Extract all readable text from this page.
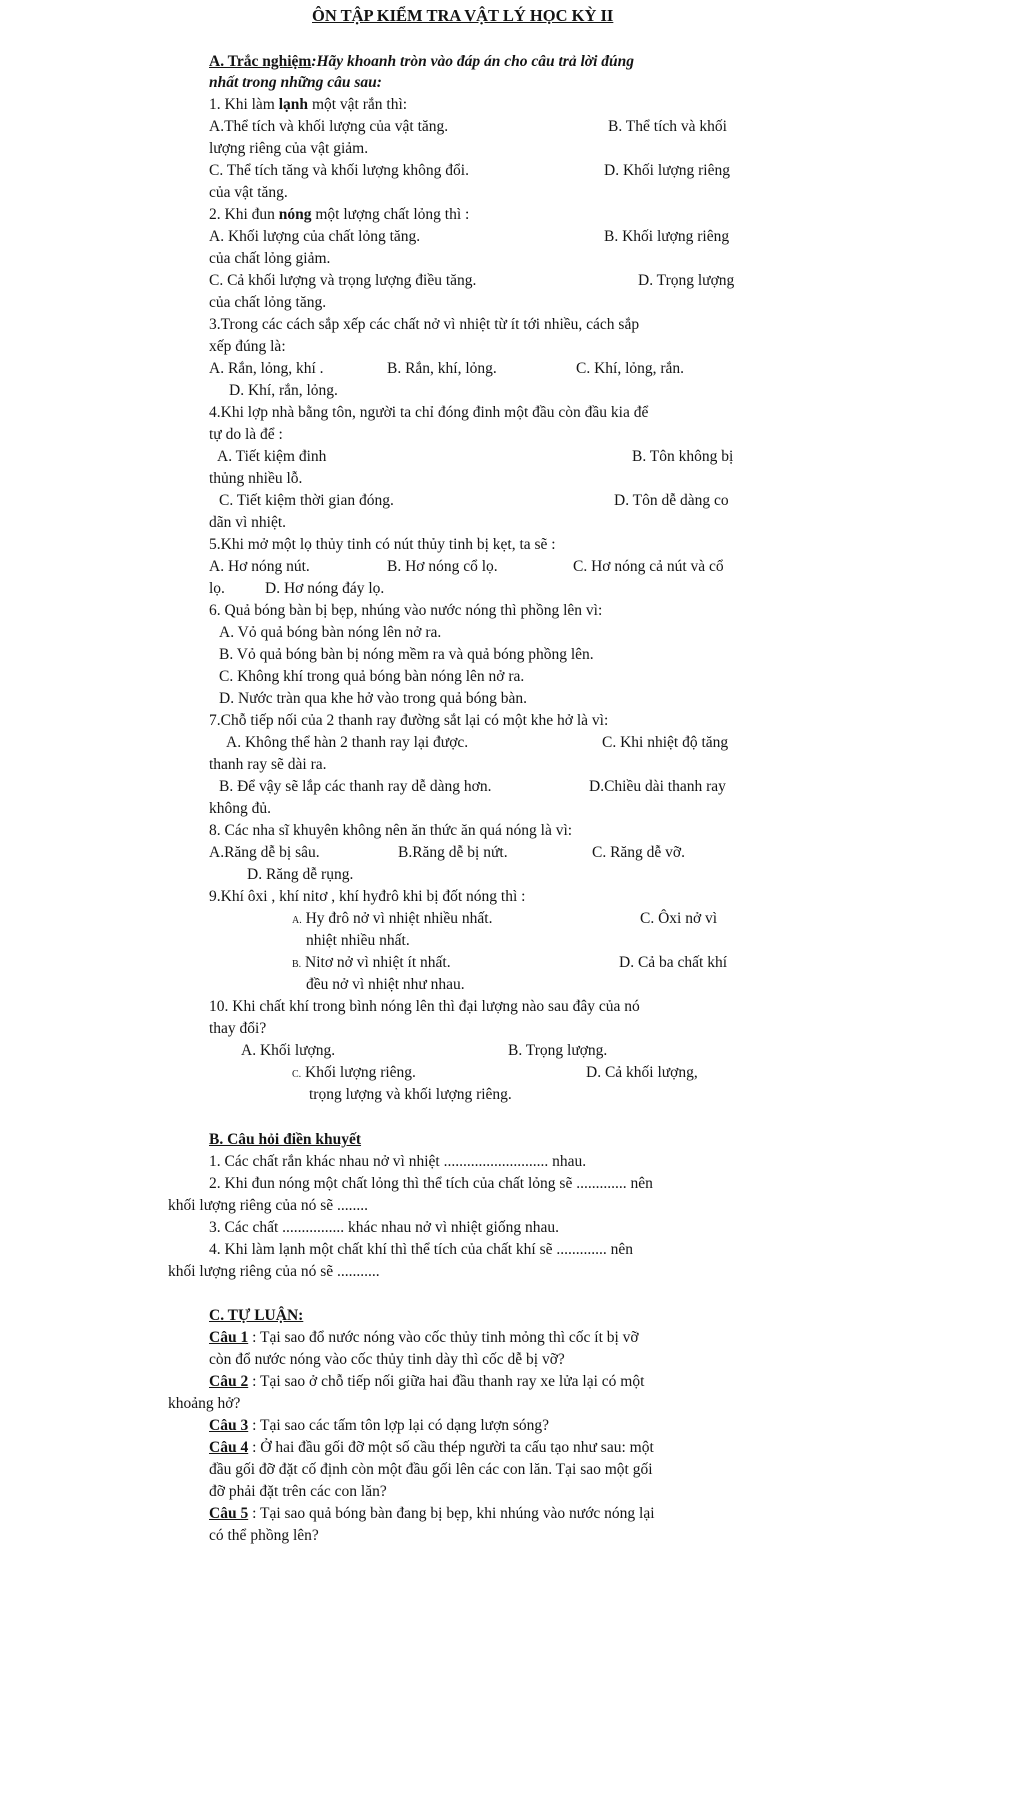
ÔN TẬP KIỂM TRA VẬT LÝ HỌC KỲ II
A. Trắc nghiệm:Hãy khoanh tròn vào đáp án cho câu trả lời đúng
nhất trong những câu sau:
1. Khi làm lạnh một vật rắn thì:
A.Thể tích và khối lượng của vật tăng.	B. Thể tích và khối
lượng riêng của vật giảm.
C. Thể tích tăng và khối lượng không đổi.	D. Khối lượng riêng
của vật tăng.
2. Khi đun nóng một lượng chất lỏng thì :
A. Khối lượng của chất lỏng tăng.	B. Khối lượng riêng
của chất lỏng giảm.
C. Cả khối lượng và trọng lượng điều tăng.	D. Trọng lượng
của chất lỏng tăng.
3.Trong các cách sắp xếp các chất nở vì nhiệt từ ít tới nhiều, cách sắp
xếp đúng là:
A. Rắn, lỏng, khí .	B. Rắn, khí, lỏng.	C. Khí, lỏng, rắn.
D. Khí, rắn, lỏng.
4.Khi lợp nhà bằng tôn, người ta chỉ đóng đinh một đầu còn đầu kia để
tự do là để :
A. Tiết kiệm đinh	B. Tôn không bị
thủng nhiều lỗ.
C. Tiết kiệm thời gian đóng.	D. Tôn dễ dàng co
dãn vì nhiệt.
5.Khi mở một lọ thủy tinh có nút thủy tinh bị kẹt, ta sẽ :
A. Hơ nóng nút.	B. Hơ nóng cổ lọ.	C. Hơ nóng cả nút và cổ
lọ.	D. Hơ nóng đáy lọ.
6. Quả bóng bàn bị bẹp, nhúng vào nước nóng thì phồng lên vì:
A. Vỏ quả bóng bàn nóng lên nở ra.
B. Vỏ quả bóng bàn bị nóng mềm ra và quả bóng phồng lên.
C. Không khí trong quả bóng bàn nóng lên nở ra.
D. Nước tràn qua khe hở vào trong quả bóng bàn.
7.Chỗ tiếp nối của 2 thanh ray đường sắt lại có một khe hở là vì:
A. Không thể hàn 2 thanh ray lại được.	C. Khi nhiệt độ tăng
thanh ray sẽ dài ra.
B. Để vậy sẽ lắp các thanh ray dễ dàng hơn.	D.Chiều dài thanh ray
không đủ.
8. Các nha sĩ khuyên không nên ăn thức ăn quá nóng là vì:
A.Răng dễ bị sâu.	B.Răng dễ bị nứt.	C. Răng dễ vỡ.
D. Răng dễ rụng.
9.Khí ôxi , khí nitơ , khí hyđrô khi bị đốt nóng thì :
A. Hy đrô nở vì nhiệt nhiều nhất.	C. Ôxi nở vì
nhiệt nhiều nhất.
B. Nitơ nở vì nhiệt ít nhất.	D. Cả ba chất khí
đều nở vì nhiệt như nhau.
10. Khi chất khí trong bình nóng lên thì đại lượng nào sau đây của nó
thay đổi?
A. Khối lượng.	B. Trọng lượng.
C. Khối lượng riêng.	D. Cả khối lượng,
trọng lượng và khối lượng riêng.
B. Câu hỏi điền khuyết
1. Các chất rắn khác nhau nở vì nhiệt ........................... nhau.
2. Khi đun nóng một chất lỏng thì thể tích của chất lỏng sẽ ............. nên
khối lượng riêng của nó sẽ ........
3. Các chất ................ khác nhau nở vì nhiệt giống nhau.
4. Khi làm lạnh một chất khí thì thể tích của chất khí sẽ ............. nên
khối lượng riêng của nó sẽ ...........
C. TỰ LUẬN:
Câu 1 : Tại sao đổ nước nóng vào cốc thủy tinh mỏng thì cốc ít bị vỡ
còn đổ nước nóng vào cốc thủy tinh dày thì cốc dễ bị vỡ?
Câu 2 : Tại sao ở chỗ tiếp nối giữa hai đầu thanh ray xe lửa lại có một
khoảng hở?
Câu 3 : Tại sao các tấm tôn lợp lại có dạng lượn sóng?
Câu 4 : Ở hai đầu gối đỡ một số cầu thép người ta cấu tạo như sau: một
đầu gối đỡ đặt cố định còn một đầu gối lên các con lăn. Tại sao một gối
đỡ phải đặt trên các con lăn?
Câu 5 : Tại sao quả bóng bàn đang bị bẹp, khi nhúng vào nước nóng lại
có thể phồng lên?
